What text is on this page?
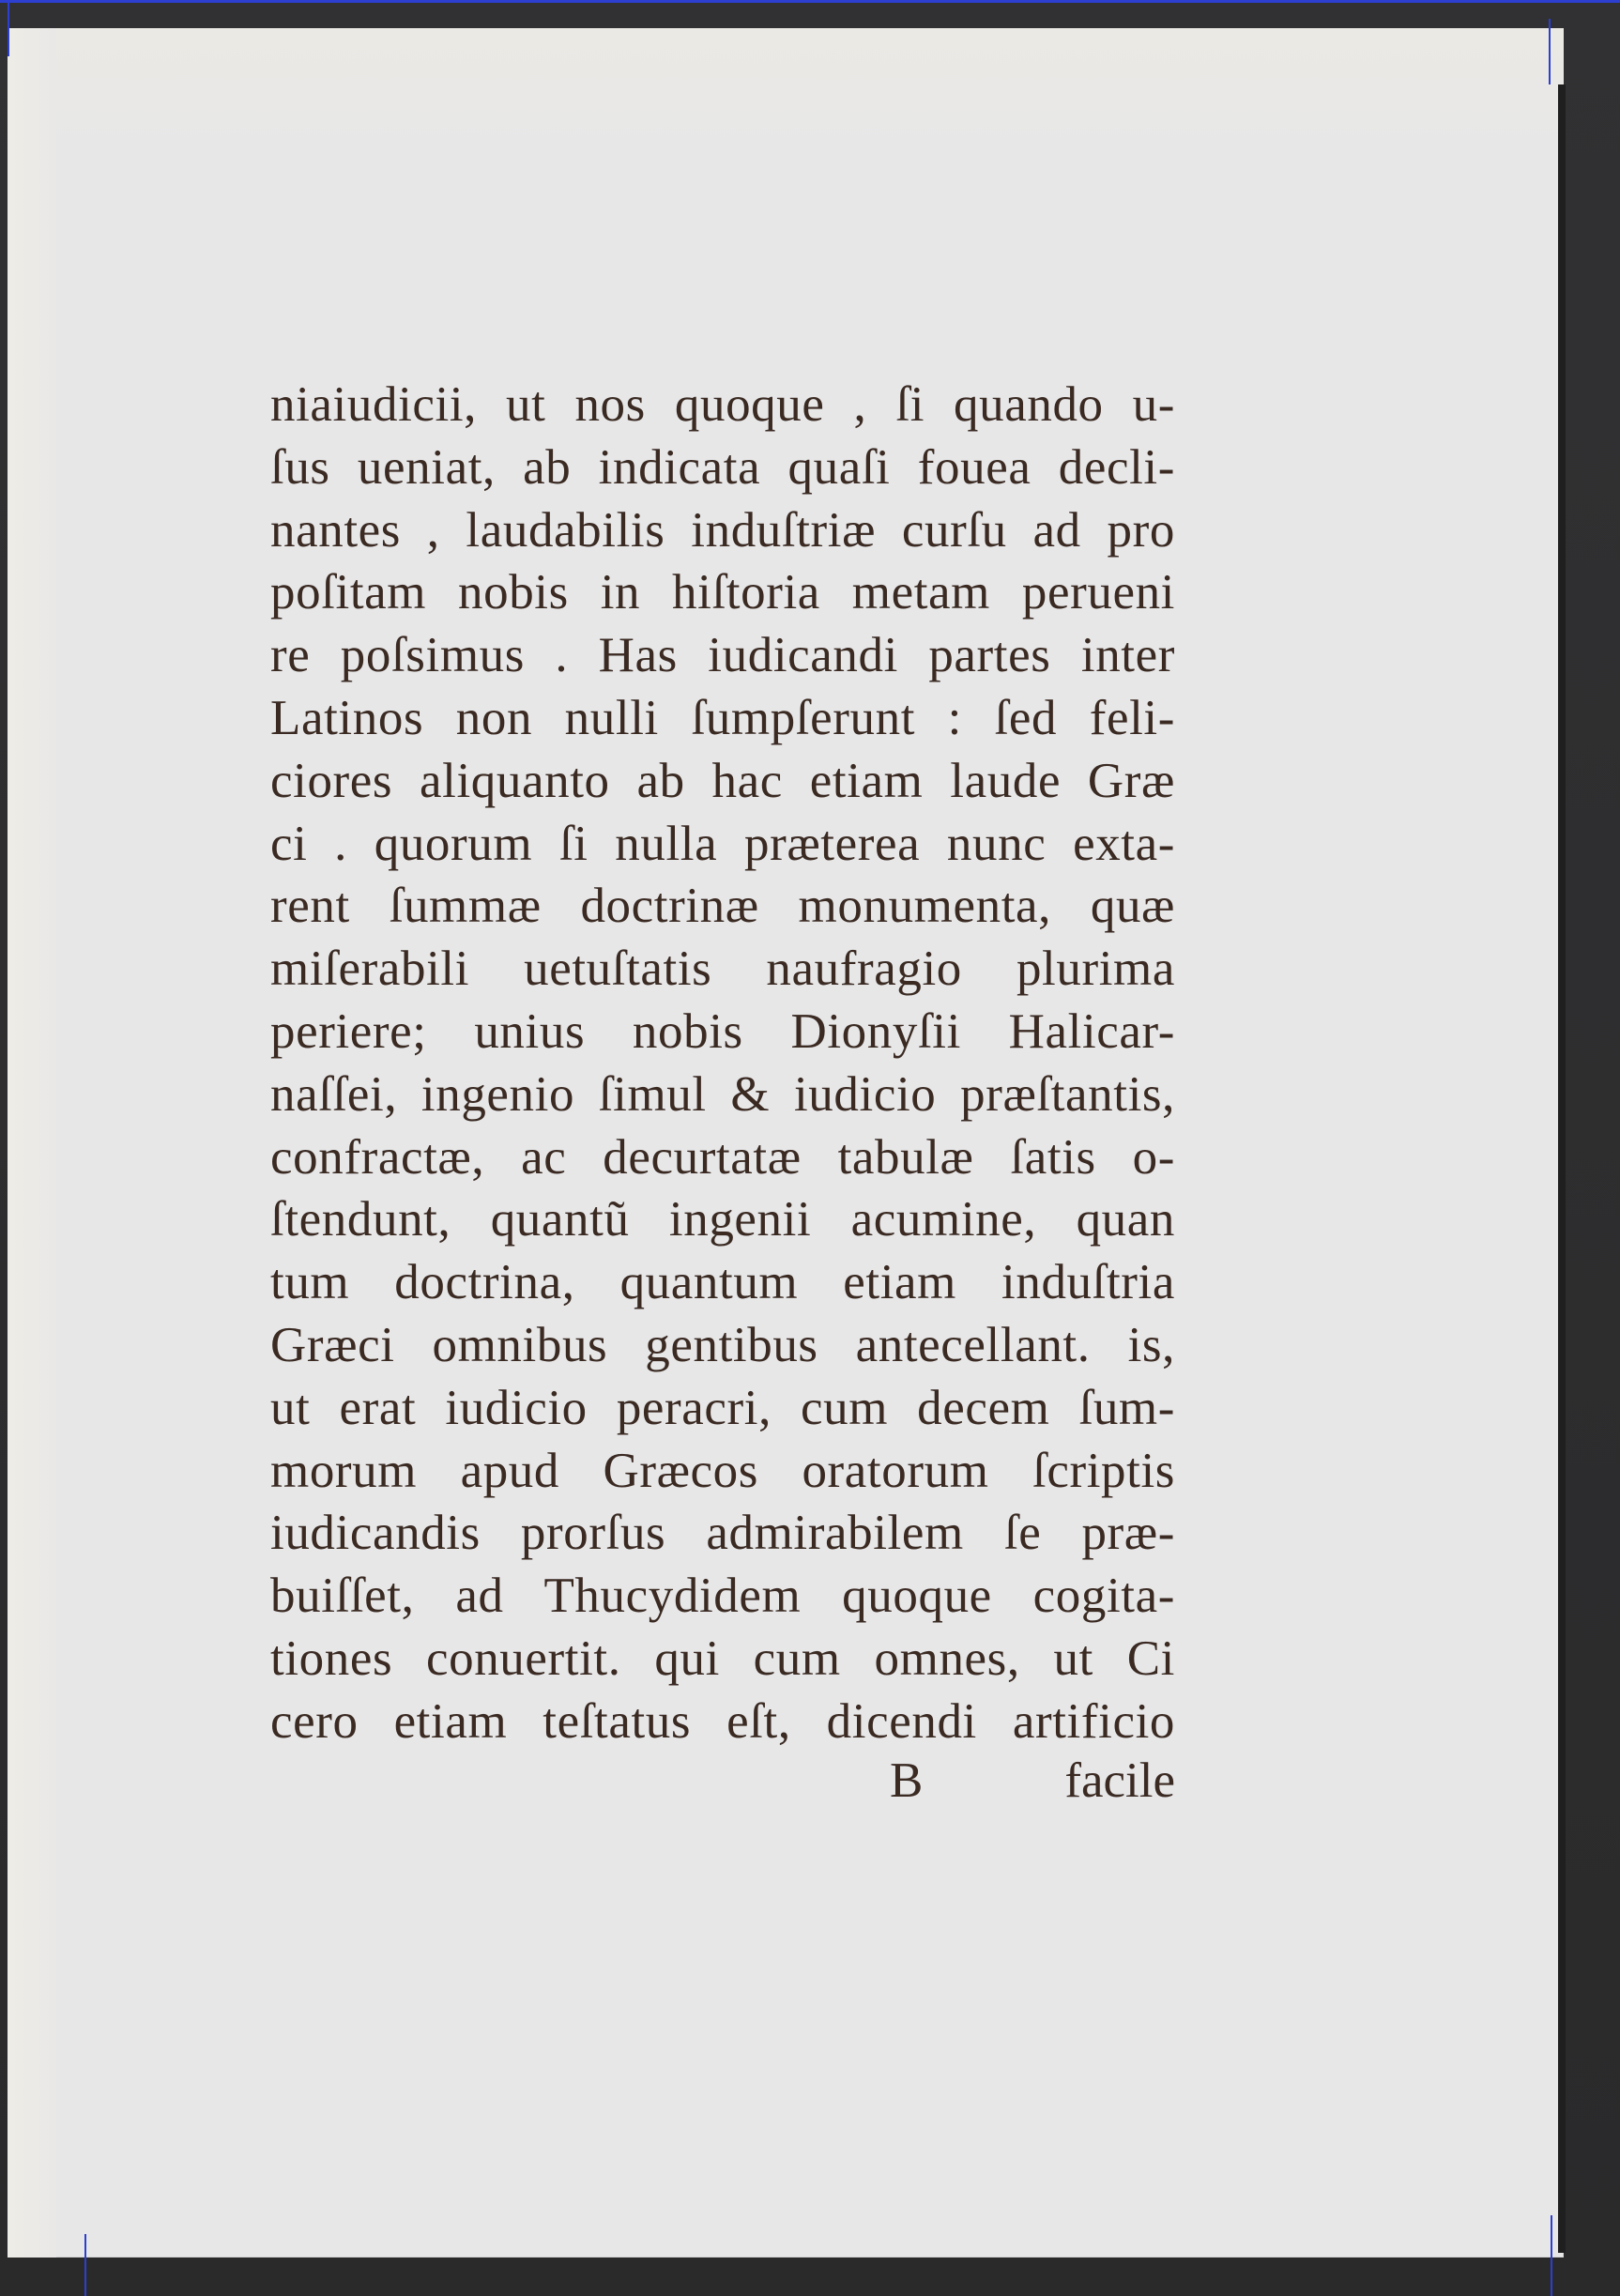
niaiudicii, ut nos quoque , ſi quando u-
ſus ueniat, ab indicata quaſi fouea decli-
nantes , laudabilis induſtriæ curſu ad pro
poſitam nobis in hiſtoria metam perueni
re poſsimus . Has iudicandi partes inter
Latinos non nulli ſumpſerunt : ſed feli-
ciores aliquanto ab hac etiam laude Græ
ci . quorum ſi nulla præterea nunc exta-
rent ſummæ doctrinæ monumenta, quæ
miſerabili uetuſtatis naufragio plurima
periere; unius nobis Dionyſii Halicar-
naſſei, ingenio ſimul & iudicio præſtantis,
confractæ, ac decurtatæ tabulæ ſatis o-
ſtendunt, quantũ ingenii acumine, quan
tum doctrina, quantum etiam induſtria
Græci omnibus gentibus antecellant. is,
ut erat iudicio peracri, cum decem ſum-
morum apud Græcos oratorum ſcriptis
iudicandis prorſus admirabilem ſe præ-
buiſſet, ad Thucydidem quoque cogita-
tiones conuertit. qui cum omnes, ut Ci
cero etiam teſtatus eſt, dicendi artificio
B	facile
